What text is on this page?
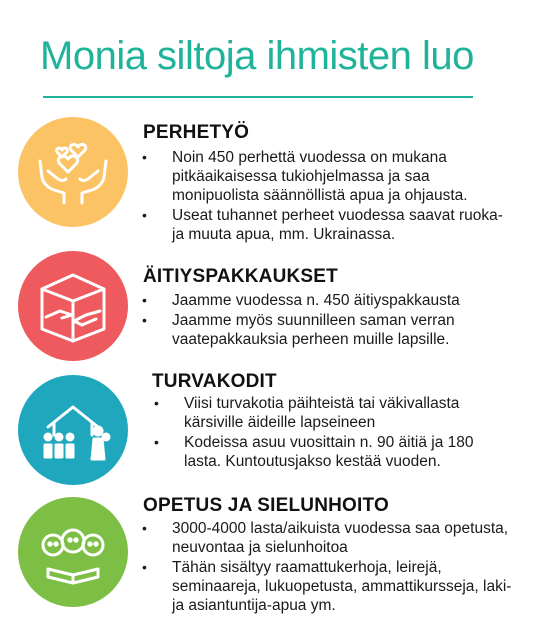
Monia siltoja ihmisten luo
PERHETYÖ
• Noin 450 perhettä vuodessa on mukana pitkäaikaisessa tukiohjelmassa ja saa monipuolista säännöllistä apua ja ohjausta.
• Useat tuhannet perheet vuodessa saavat ruoka- ja muuta apua, mm. Ukrainassa.
ÄITIYSPAKKAUKSET
• Jaamme vuodessa n. 450 äitiyspakkausta
• Jaamme myös suunnilleen saman verran vaatepakkauksia perheen muille lapsille.
TURVAKODIT
• Viisi turvakotia päihteistä tai väkivallasta kärsiville äideille lapseineen
• Kodeissa asuu vuosittain n. 90 äitiä ja 180 lasta. Kuntoutusjakso kestää vuoden.
OPETUS JA SIELUNHOITO
• 3000-4000 lasta/aikuista vuodessa saa opetusta, neuvontaa ja sielunhoitoa
• Tähän sisältyy raamattukerhoja, leirejä, seminaareja, lukuopetusta, ammattikursseja, laki- ja asiantuntija-apua ym.
